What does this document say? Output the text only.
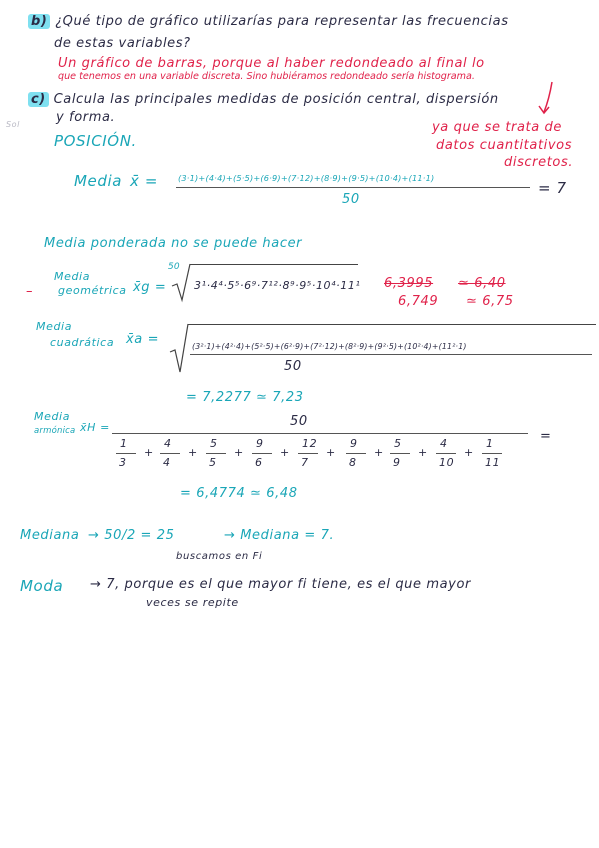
b) ¿Qué tipo de gráfico utilizarías para representar las frecuencias
de estas variables?
Un gráfico de barras, porque al haber redondeado al final lo
que tenemos en una variable discreta. Sino hubiéramos redondeado sería histograma.
c) Calcula las principales medidas de posición central, dispersión
y forma.
Sol	ya que se trata de
datos cuantitativos
discretos.
POSICIÓN.
Media x̄ = (3·1)+(4·4)+(5·5)+(6·9)+(7·12)+(8·9)+(9·5)+(10·4)+(11·1)
50
= 7
Media ponderada no se puede hacer
–
Media
geométrica x̄g =
50
3¹·4⁴·5⁵·6⁹·7¹²·8⁹·9⁵·10⁴·11¹ 6,3995 ≃ 6,40
6,749 ≃ 6,75
Media
cuadrática x̄a =	(3²·1)+(4²·4)+(5²·5)+(6²·9)+(7²·12)+(8²·9)+(9²·5)+(10²·4)+(11²·1)
50
= 7,2277 ≃ 7,23
Media
armónica x̄H =	50
1
3
+
4
4
+
5
5
+
9
6
+
12
7
+
9
8
+
5
9
+
4
10
+
1
11
=
= 6,4774 ≃ 6,48
Mediana → 50/2 = 25	→ Mediana = 7.
buscamos en Fi
Moda → 7, porque es el que mayor fi tiene, es el que mayor
veces se repite
